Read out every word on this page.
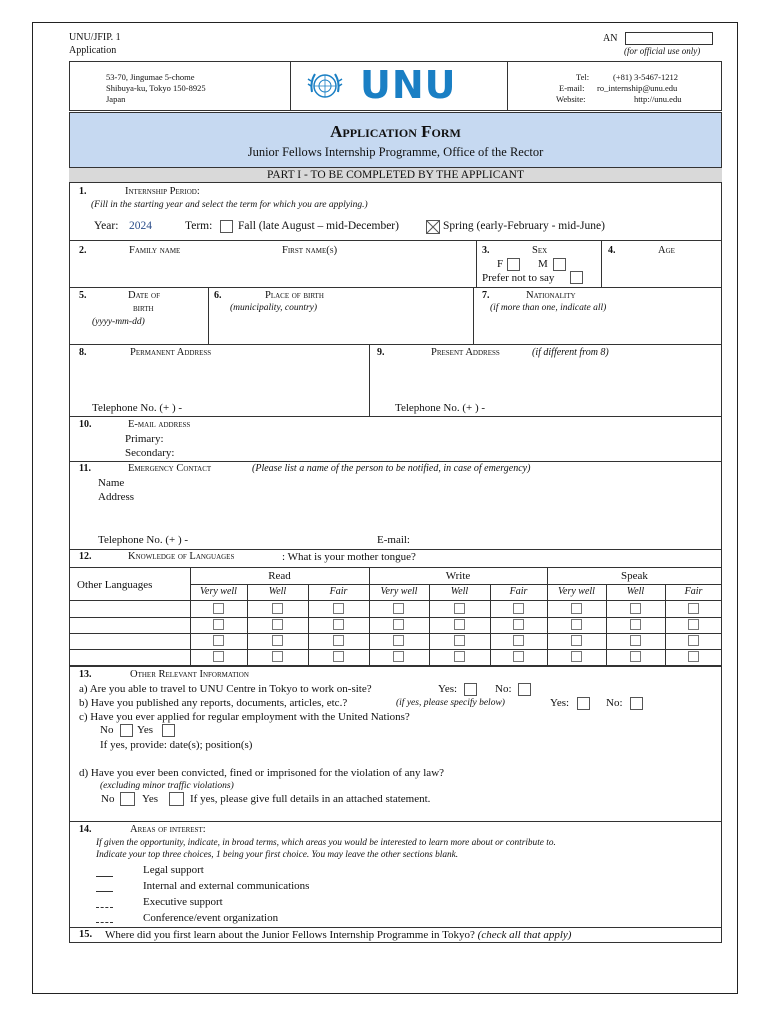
UNU/JFIP. 1
Application
AN
(for official use only)
53-70, Jingumae 5-chome
Shibuya-ku, Tokyo 150-8925
Japan	UNU	Tel:	(+81) 3-5467-1212
E-mail: ro_internship@unu.edu
Website:	http://unu.edu
Application Form
Junior Fellows Internship Programme, Office of the Rector
PART I - TO BE COMPLETED BY THE APPLICANT
1.	Internship Period:
(Fill in the starting year and select the term for which you are applying.)
Year: 2024	Term: Fall (late August – mid-December)	Spring (early-February - mid-June)
2.	Family name	First name(s)	3.	Sex
F	M
Prefer not to say
4.	Age
5.	Date of
birth
(yyyy-mm-dd)
6.	Place of birth
(municipality, country)
7.	Nationality
(if more than one, indicate all)
8.	Permanent Address
Telephone No. (+ ) -
9.	Present Address	(if different from 8)
Telephone No. (+ ) -
10.	E-mail address
Primary:
Secondary:
11.	Emergency Contact	(Please list a name of the person to be notified, in case of emergency)
Name
Address
Telephone No. (+ ) -	E-mail:
12.	Knowledge of Languages	: What is your mother tongue?
Other Languages
Read	Write	Speak
Very well	Well	Fair	Very well	Well	Fair	Very well	Well	Fair
13.	Other Relevant Information
a) Are you able to travel to UNU Centre in Tokyo to work on-site?	Yes:	No:
b) Have you published any reports, documents, articles, etc.?	(if yes, please specify below)	Yes:	No:
c) Have you ever applied for regular employment with the United Nations?
No Yes
If yes, provide: date(s); position(s)
d) Have you ever been convicted, fined or imprisoned for the violation of any law?
(excluding minor traffic violations)
No	Yes	If yes, please give full details in an attached statement.
14.	Areas of interest:
If given the opportunity, indicate, in broad terms, which areas you would be interested to learn more about or contribute to.
Indicate your top three choices, 1 being your first choice. You may leave the other sections blank.
Legal support
Internal and external communications
Executive support
Conference/event organization
15. Where did you first learn about the Junior Fellows Internship Programme in Tokyo? (check all that apply)
